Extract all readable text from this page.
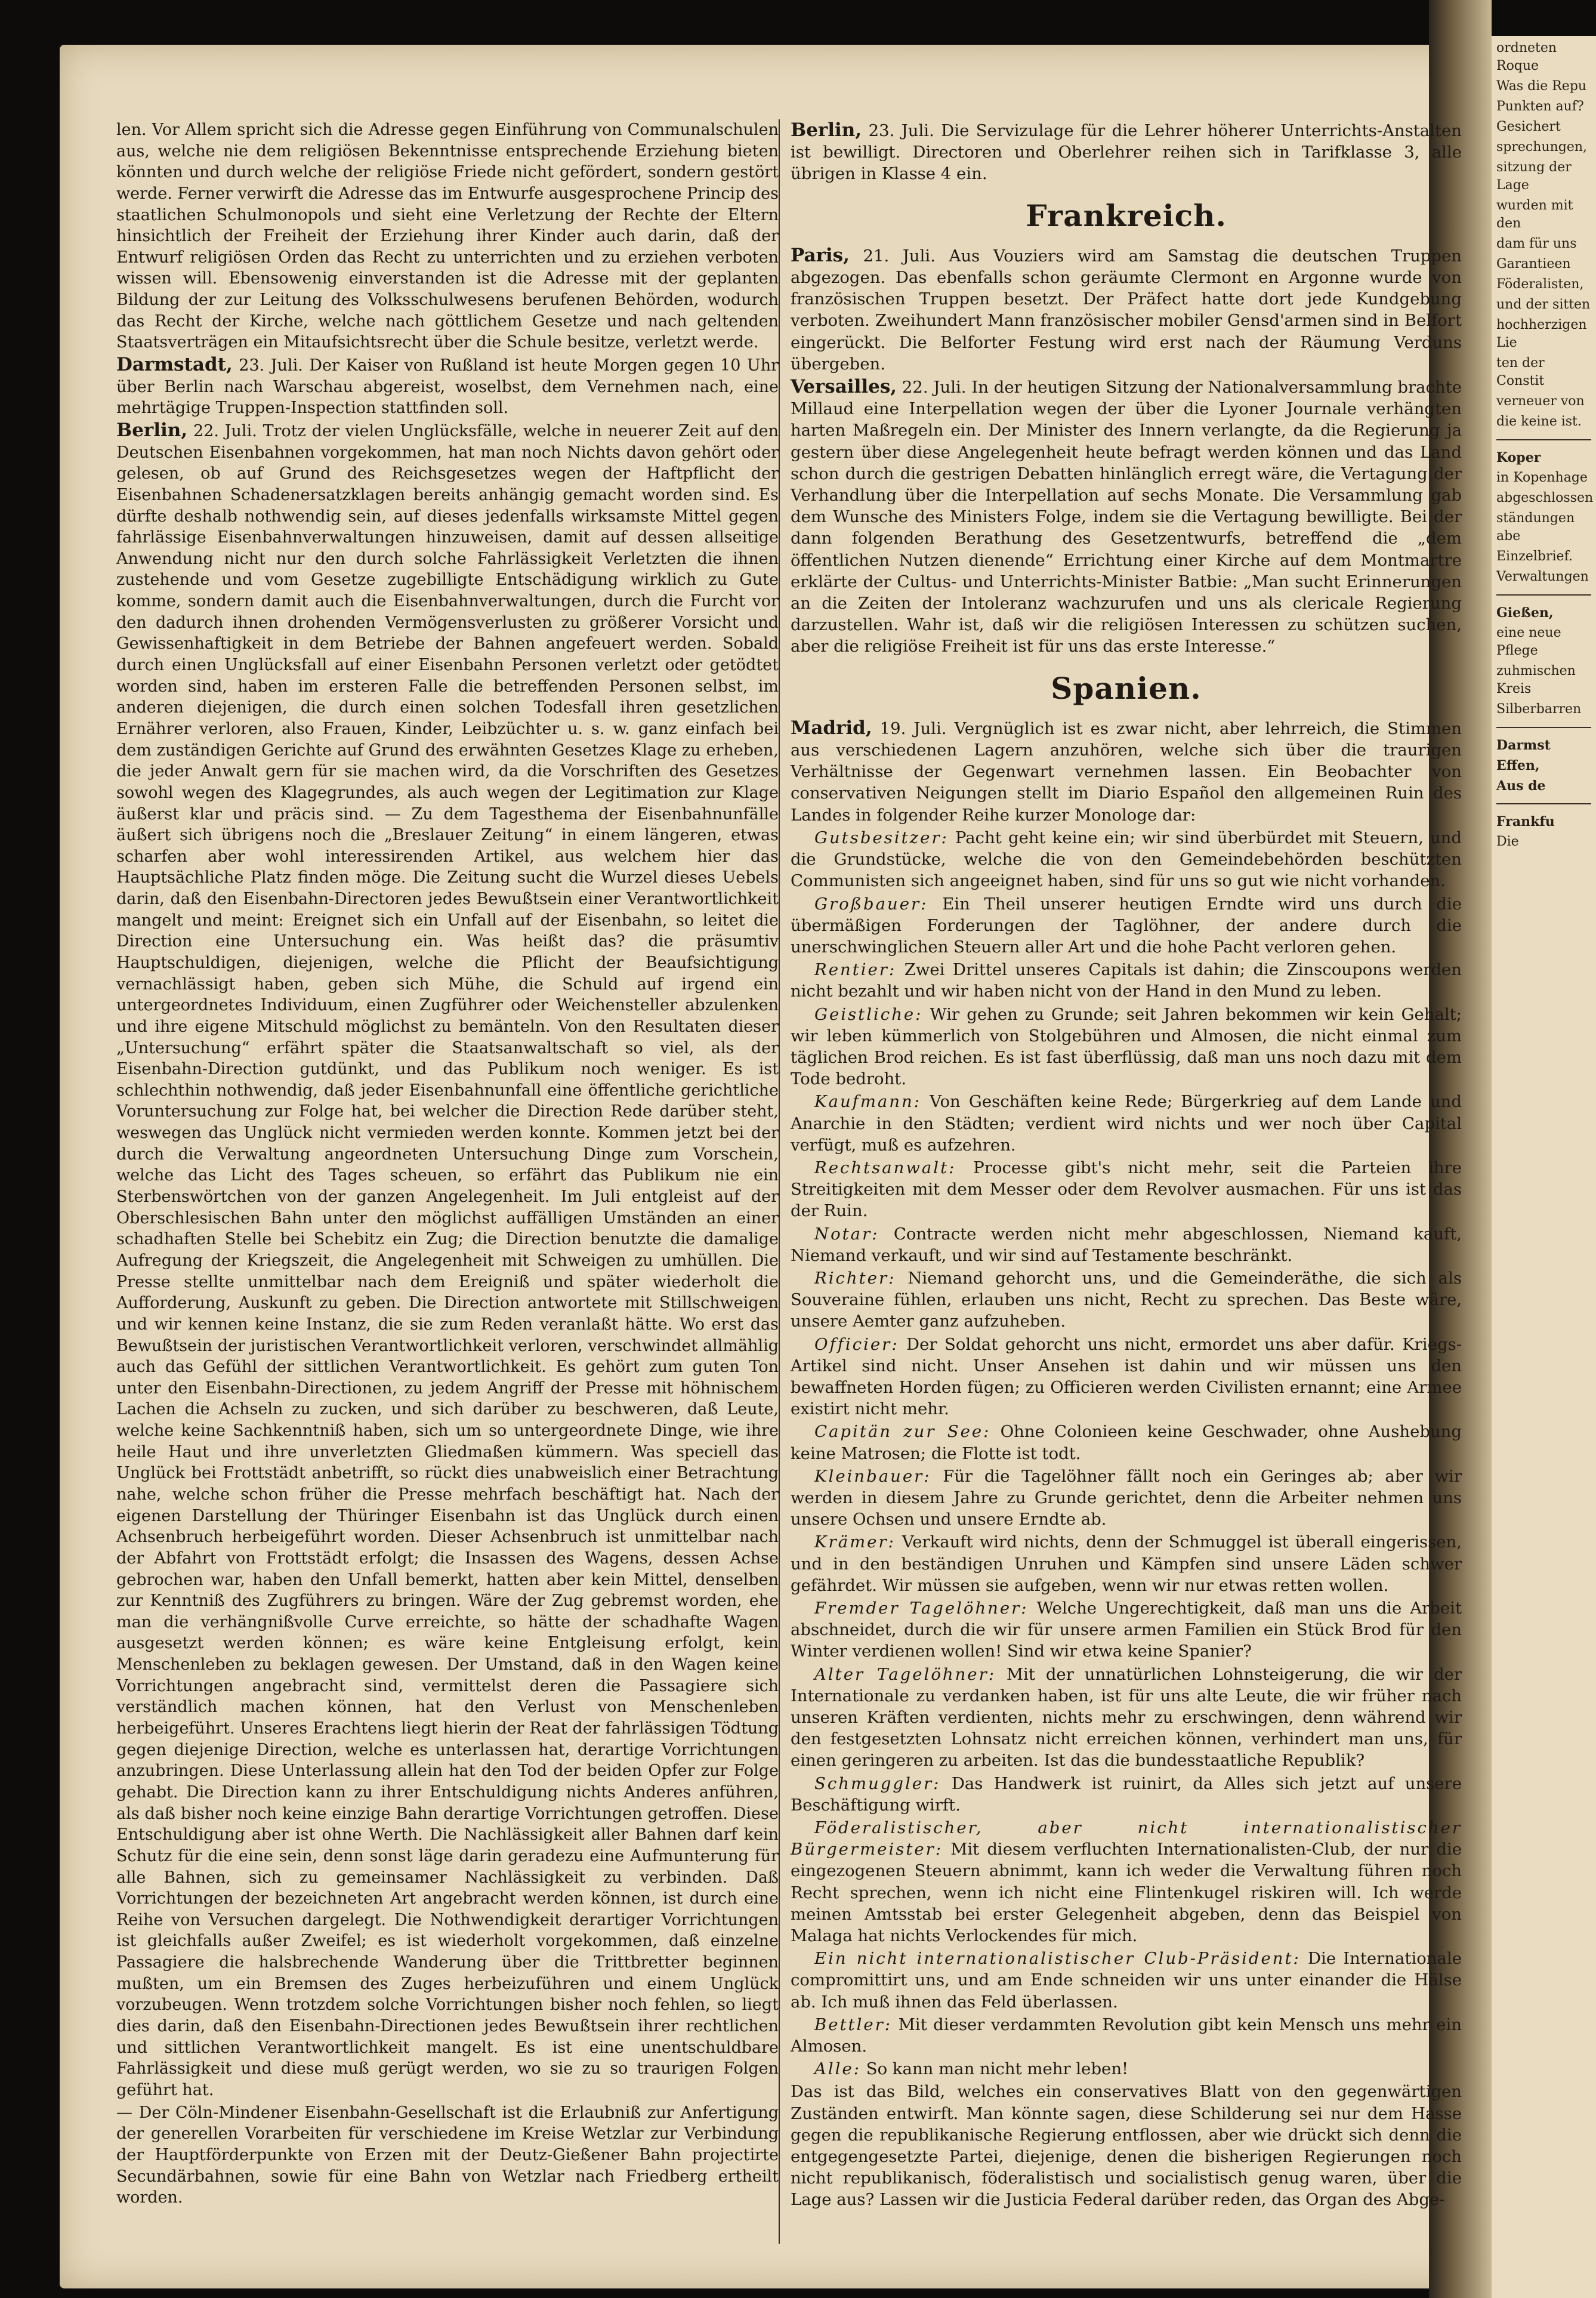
len. Vor Allem spricht sich die Adresse gegen Einführung von Communalschulen aus, welche nie dem religiösen Bekenntnisse entsprechende Erziehung bieten könnten und durch welche der religiöse Friede nicht gefördert, sondern gestört werde. Ferner verwirft die Adresse das im Entwurfe ausgesprochene Princip des staatlichen Schulmonopols und sieht eine Verletzung der Rechte der Eltern hinsichtlich der Freiheit der Erziehung ihrer Kinder auch darin, daß der Entwurf religiösen Orden das Recht zu unterrichten und zu erziehen verboten wissen will. Ebensowenig einverstanden ist die Adresse mit der geplanten Bildung der zur Leitung des Volksschulwesens berufenen Behörden, wodurch das Recht der Kirche, welche nach göttlichem Gesetze und nach geltenden Staatsverträgen ein Mitaufsichtsrecht über die Schule besitze, verletzt werde.

Darmstadt, 23. Juli. Der Kaiser von Rußland ist heute Morgen gegen 10 Uhr über Berlin nach Warschau abgereist, woselbst, dem Vernehmen nach, eine mehrtägige Truppen-Inspection stattfinden soll.

Berlin, 22. Juli. Trotz der vielen Unglücksfälle, welche in neuerer Zeit auf den Deutschen Eisenbahnen vorgekommen, hat man noch Nichts davon gehört oder gelesen, ob auf Grund des Reichsgesetzes wegen der Haftpflicht der Eisenbahnen Schadenersatzklagen bereits anhängig gemacht worden sind. Es dürfte deshalb nothwendig sein, auf dieses jedenfalls wirksamste Mittel gegen fahrlässige Eisenbahnverwaltungen hinzuweisen, damit auf dessen allseitige Anwendung nicht nur den durch solche Fahrlässigkeit Verletzten die ihnen zustehende und vom Gesetze zugebilligte Entschädigung wirklich zu Gute komme, sondern damit auch die Eisenbahnverwaltungen, durch die Furcht vor den dadurch ihnen drohenden Vermögensverlusten zu größerer Vorsicht und Gewissenhaftigkeit in dem Betriebe der Bahnen angefeuert werden. Sobald durch einen Unglücksfall auf einer Eisenbahn Personen verletzt oder getödtet worden sind, haben im ersteren Falle die betreffenden Personen selbst, im anderen diejenigen, die durch einen solchen Todesfall ihren gesetzlichen Ernährer verloren, also Frauen, Kinder, Leibzüchter u. s. w. ganz einfach bei dem zuständigen Gerichte auf Grund des erwähnten Gesetzes Klage zu erheben, die jeder Anwalt gern für sie machen wird, da die Vorschriften des Gesetzes sowohl wegen des Klagegrundes, als auch wegen der Legitimation zur Klage äußerst klar und präcis sind. — Zu dem Tagesthema der Eisenbahnunfälle äußert sich übrigens noch die „Breslauer Zeitung“ in einem längeren, etwas scharfen aber wohl interessirenden Artikel, aus welchem hier das Hauptsächliche Platz finden möge. Die Zeitung sucht die Wurzel dieses Uebels darin, daß den Eisenbahn-Directoren jedes Bewußtsein einer Verantwortlichkeit mangelt und meint: Ereignet sich ein Unfall auf der Eisenbahn, so leitet die Direction eine Untersuchung ein. Was heißt das? die präsumtiv Hauptschuldigen, diejenigen, welche die Pflicht der Beaufsichtigung vernachlässigt haben, geben sich Mühe, die Schuld auf irgend ein untergeordnetes Individuum, einen Zugführer oder Weichensteller abzulenken und ihre eigene Mitschuld möglichst zu bemänteln. Von den Resultaten dieser „Untersuchung“ erfährt später die Staatsanwaltschaft so viel, als der Eisenbahn-Direction gutdünkt, und das Publikum noch weniger. Es ist schlechthin nothwendig, daß jeder Eisenbahnunfall eine öffentliche gerichtliche Voruntersuchung zur Folge hat, bei welcher die Direction Rede darüber steht, weswegen das Unglück nicht vermieden werden konnte. Kommen jetzt bei der durch die Verwaltung angeordneten Untersuchung Dinge zum Vorschein, welche das Licht des Tages scheuen, so erfährt das Publikum nie ein Sterbenswörtchen von der ganzen Angelegenheit. Im Juli entgleist auf der Oberschlesischen Bahn unter den möglichst auffälligen Umständen an einer schadhaften Stelle bei Schebitz ein Zug; die Direction benutzte die damalige Aufregung der Kriegszeit, die Angelegenheit mit Schweigen zu umhüllen. Die Presse stellte unmittelbar nach dem Ereigniß und später wiederholt die Aufforderung, Auskunft zu geben. Die Direction antwortete mit Stillschweigen und wir kennen keine Instanz, die sie zum Reden veranlaßt hätte. Wo erst das Bewußtsein der juristischen Verantwortlichkeit verloren, verschwindet allmählig auch das Gefühl der sittlichen Verantwortlichkeit. Es gehört zum guten Ton unter den Eisenbahn-Directionen, zu jedem Angriff der Presse mit höhnischem Lachen die Achseln zu zucken, und sich darüber zu beschweren, daß Leute, welche keine Sachkenntniß haben, sich um so untergeordnete Dinge, wie ihre heile Haut und ihre unverletzten Gliedmaßen kümmern. Was speciell das Unglück bei Frottstädt anbetrifft, so rückt dies unabweislich einer Betrachtung nahe, welche schon früher die Presse mehrfach beschäftigt hat. Nach der eigenen Darstellung der Thüringer Eisenbahn ist das Unglück durch einen Achsenbruch herbeigeführt worden. Dieser Achsenbruch ist unmittelbar nach der Abfahrt von Frottstädt erfolgt; die Insassen des Wagens, dessen Achse gebrochen war, haben den Unfall bemerkt, hatten aber kein Mittel, denselben zur Kenntniß des Zugführers zu bringen. Wäre der Zug gebremst worden, ehe man die verhängnißvolle Curve erreichte, so hätte der schadhafte Wagen ausgesetzt werden können; es wäre keine Entgleisung erfolgt, kein Menschenleben zu beklagen gewesen. Der Umstand, daß in den Wagen keine Vorrichtungen angebracht sind, vermittelst deren die Passagiere sich verständlich machen können, hat den Verlust von Menschenleben herbeigeführt. Unseres Erachtens liegt hierin der Reat der fahrlässigen Tödtung gegen diejenige Direction, welche es unterlassen hat, derartige Vorrichtungen anzubringen. Diese Unterlassung allein hat den Tod der beiden Opfer zur Folge gehabt. Die Direction kann zu ihrer Entschuldigung nichts Anderes anführen, als daß bisher noch keine einzige Bahn derartige Vorrichtungen getroffen. Diese Entschuldigung aber ist ohne Werth. Die Nachlässigkeit aller Bahnen darf kein Schutz für die eine sein, denn sonst läge darin geradezu eine Aufmunterung für alle Bahnen, sich zu gemeinsamer Nachlässigkeit zu verbinden. Daß Vorrichtungen der bezeichneten Art angebracht werden können, ist durch eine Reihe von Versuchen dargelegt. Die Nothwendigkeit derartiger Vorrichtungen ist gleichfalls außer Zweifel; es ist wiederholt vorgekommen, daß einzelne Passagiere die halsbrechende Wanderung über die Trittbretter beginnen mußten, um ein Bremsen des Zuges herbeizuführen und einem Unglück vorzubeugen. Wenn trotzdem solche Vorrichtungen bisher noch fehlen, so liegt dies darin, daß den Eisenbahn-Directionen jedes Bewußtsein ihrer rechtlichen und sittlichen Verantwortlichkeit mangelt. Es ist eine unentschuldbare Fahrlässigkeit und diese muß gerügt werden, wo sie zu so traurigen Folgen geführt hat.

— Der Cöln-Mindener Eisenbahn-Gesellschaft ist die Erlaubniß zur Anfertigung der generellen Vorarbeiten für verschiedene im Kreise Wetzlar zur Verbindung der Hauptförderpunkte von Erzen mit der Deutz-Gießener Bahn projectirte Secundärbahnen, sowie für eine Bahn von Wetzlar nach Friedberg ertheilt worden.

Berlin, 23. Juli. Die Servizulage für die Lehrer höherer Unterrichts-Anstalten ist bewilligt. Directoren und Oberlehrer reihen sich in Tarifklasse 3, alle übrigen in Klasse 4 ein.

Frankreich.

Paris, 21. Juli. Aus Vouziers wird am Samstag die deutschen Truppen abgezogen. Das ebenfalls schon geräumte Clermont en Argonne wurde von französischen Truppen besetzt. Der Präfect hatte dort jede Kundgebung verboten. Zweihundert Mann französischer mobiler Gensd'armen sind in Belfort eingerückt. Die Belforter Festung wird erst nach der Räumung Verduns übergeben.

Versailles, 22. Juli. In der heutigen Sitzung der Nationalversammlung brachte Millaud eine Interpellation wegen der über die Lyoner Journale verhängten harten Maßregeln ein. Der Minister des Innern verlangte, da die Regierung ja gestern über diese Angelegenheit heute befragt werden können und das Land schon durch die gestrigen Debatten hinlänglich erregt wäre, die Vertagung der Verhandlung über die Interpellation auf sechs Monate. Die Versammlung gab dem Wunsche des Ministers Folge, indem sie die Vertagung bewilligte. Bei der dann folgenden Berathung des Gesetzentwurfs, betreffend die „dem öffentlichen Nutzen dienende“ Errichtung einer Kirche auf dem Montmartre erklärte der Cultus- und Unterrichts-Minister Batbie: „Man sucht Erinnerungen an die Zeiten der Intoleranz wachzurufen und uns als clericale Regierung darzustellen. Wahr ist, daß wir die religiösen Interessen zu schützen suchen, aber die religiöse Freiheit ist für uns das erste Interesse.“

Spanien.

Madrid, 19. Juli. Vergnüglich ist es zwar nicht, aber lehrreich, die Stimmen aus verschiedenen Lagern anzuhören, welche sich über die traurigen Verhältnisse der Gegenwart vernehmen lassen. Ein Beobachter von conservativen Neigungen stellt im Diario Español den allgemeinen Ruin des Landes in folgender Reihe kurzer Monologe dar:

Gutsbesitzer: Pacht geht keine ein; wir sind überbürdet mit Steuern, und die Grundstücke, welche die von den Gemeindebehörden beschützten Communisten sich angeeignet haben, sind für uns so gut wie nicht vorhanden.

Großbauer: Ein Theil unserer heutigen Erndte wird uns durch die übermäßigen Forderungen der Taglöhner, der andere durch die unerschwinglichen Steuern aller Art und die hohe Pacht verloren gehen.

Rentier: Zwei Drittel unseres Capitals ist dahin; die Zinscoupons werden nicht bezahlt und wir haben nicht von der Hand in den Mund zu leben.

Geistliche: Wir gehen zu Grunde; seit Jahren bekommen wir kein Gehalt; wir leben kümmerlich von Stolgebühren und Almosen, die nicht einmal zum täglichen Brod reichen. Es ist fast überflüssig, daß man uns noch dazu mit dem Tode bedroht.

Kaufmann: Von Geschäften keine Rede; Bürgerkrieg auf dem Lande und Anarchie in den Städten; verdient wird nichts und wer noch über Capital verfügt, muß es aufzehren.

Rechtsanwalt: Processe gibt's nicht mehr, seit die Parteien ihre Streitigkeiten mit dem Messer oder dem Revolver ausmachen. Für uns ist das der Ruin.

Notar: Contracte werden nicht mehr abgeschlossen, Niemand kauft, Niemand verkauft, und wir sind auf Testamente beschränkt.

Richter: Niemand gehorcht uns, und die Gemeinderäthe, die sich als Souveraine fühlen, erlauben uns nicht, Recht zu sprechen. Das Beste wäre, unsere Aemter ganz aufzuheben.

Officier: Der Soldat gehorcht uns nicht, ermordet uns aber dafür. Kriegs-Artikel sind nicht. Unser Ansehen ist dahin und wir müssen uns den bewaffneten Horden fügen; zu Officieren werden Civilisten ernannt; eine Armee existirt nicht mehr.

Capitän zur See: Ohne Colonieen keine Geschwader, ohne Aushebung keine Matrosen; die Flotte ist todt.

Kleinbauer: Für die Tagelöhner fällt noch ein Geringes ab; aber wir werden in diesem Jahre zu Grunde gerichtet, denn die Arbeiter nehmen uns unsere Ochsen und unsere Erndte ab.

Krämer: Verkauft wird nichts, denn der Schmuggel ist überall eingerissen, und in den beständigen Unruhen und Kämpfen sind unsere Läden schwer gefährdet. Wir müssen sie aufgeben, wenn wir nur etwas retten wollen.

Fremder Tagelöhner: Welche Ungerechtigkeit, daß man uns die Arbeit abschneidet, durch die wir für unsere armen Familien ein Stück Brod für den Winter verdienen wollen! Sind wir etwa keine Spanier?

Alter Tagelöhner: Mit der unnatürlichen Lohnsteigerung, die wir der Internationale zu verdanken haben, ist für uns alte Leute, die wir früher nach unseren Kräften verdienten, nichts mehr zu erschwingen, denn während wir den festgesetzten Lohnsatz nicht erreichen können, verhindert man uns, für einen geringeren zu arbeiten. Ist das die bundesstaatliche Republik?

Schmuggler: Das Handwerk ist ruinirt, da Alles sich jetzt auf unsere Beschäftigung wirft.

Föderalistischer, aber nicht internationalistischer Bürgermeister: Mit diesem verfluchten Internationalisten-Club, der nur die eingezogenen Steuern abnimmt, kann ich weder die Verwaltung führen noch Recht sprechen, wenn ich nicht eine Flintenkugel riskiren will. Ich werde meinen Amtsstab bei erster Gelegenheit abgeben, denn das Beispiel von Malaga hat nichts Verlockendes für mich.

Ein nicht internationalistischer Club-Präsident: Die Internationale compromittirt uns, und am Ende schneiden wir uns unter einander die Hälse ab. Ich muß ihnen das Feld überlassen.

Bettler: Mit dieser verdammten Revolution gibt kein Mensch uns mehr ein Almosen.

Alle: So kann man nicht mehr leben!

Das ist das Bild, welches ein conservatives Blatt von den gegenwärtigen Zuständen entwirft. Man könnte sagen, diese Schilderung sei nur dem Hasse gegen die republikanische Regierung entflossen, aber wie drückt sich denn die entgegengesetzte Partei, diejenige, denen die bisherigen Regierungen noch nicht republikanisch, föderalistisch und socialistisch genug waren, über die Lage aus? Lassen wir die Justicia Federal darüber reden, das Organ des Abge-

ordneten Roque

Was die Repu

Punkten auf?

Gesichert

sprechungen,

sitzung der Lage

wurden mit den

dam für uns

Garantieen

Föderalisten,

und der sitten

hochherzigen Lie

ten der Constit

verneuer von

die keine ist.

Koper

in Kopenhage

abgeschlossen

ständungen abe

Einzelbrief.

Verwaltungen

Gießen,

eine neue Pflege

zuhmischen Kreis

Silberbarren

Darmst

Effen,

Aus de

Frankfu

Die
